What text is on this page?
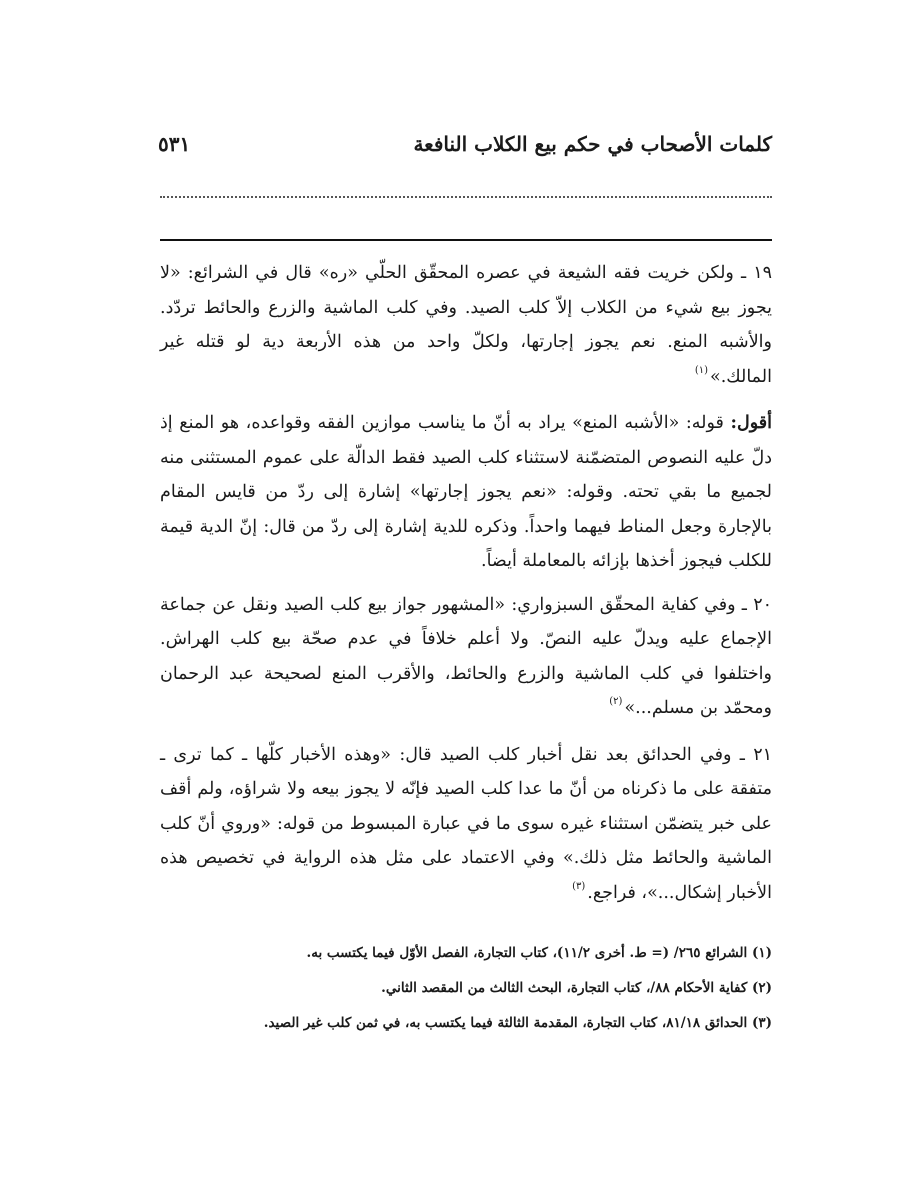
كلمات الأصحاب في حكم بيع الكلاب النافعة
٥٣١

١٩ ـ ولكن خريت فقه الشيعة في عصره المحقّق الحلّي «ره» قال في الشرائع: «لا يجوز بيع شي‌ء من الكلاب إلاّ كلب الصيد. وفي كلب الماشية والزرع والحائط تردّد. والأشبه المنع. نعم يجوز إجارتها، ولكلّ واحد من هذه الأربعة دية لو قتله غير المالك.»$^{(١)}$

أقول: قوله: «الأشبه المنع» يراد به أنّ ما يناسب موازين الفقه وقواعده، هو المنع إذ دلّ عليه النصوص المتضمّنة لاستثناء كلب الصيد فقط الدالّة على عموم المستثنى منه لجميع ما بقي تحته. وقوله: «نعم يجوز إجارتها» إشارة إلى ردّ من قايس المقام بالإجارة وجعل المناط فيهما واحداً. وذكره للدية إشارة إلى ردّ من قال: إنّ الدية قيمة للكلب فيجوز أخذها بإزائه بالمعاملة أيضاً.

٢٠ ـ وفي كفاية المحقّق السبزواري: «المشهور جواز بيع كلب الصيد ونقل عن جماعة الإجماع عليه ويدلّ عليه النصّ. ولا أعلم خلافاً في عدم صحّة بيع كلب الهراش. واختلفوا في كلب الماشية والزرع والحائط، والأقرب المنع لصحيحة عبد الرحمان ومحمّد بن مسلم...»$^{(٢)}$

٢١ ـ وفي الحدائق بعد نقل أخبار كلب الصيد قال: «وهذه الأخبار كلّها ـ كما ترى ـ متفقة على ما ذكرناه من أنّ ما عدا كلب الصيد فإنّه لا يجوز بيعه ولا شراؤه، ولم أقف على خبر يتضمّن استثناء غيره سوى ما في عبارة المبسوط من قوله: «وروي أنّ كلب الماشية والحائط مثل ذلك.» وفي الاعتماد على مثل هذه الرواية في تخصيص هذه الأخبار إشكال...»، فراجع.$^{(٣)}$

(١) الشرائع ٢٦٥/ (= ط. أخرى ١١/٢)، كتاب التجارة، الفصل الأوّل فيما يكتسب به.
(٢) كفاية الأحكام ٨٨/، كتاب التجارة، البحث الثالث من المقصد الثاني.
(٣) الحدائق ٨١/١٨، كتاب التجارة، المقدمة الثالثة فيما يكتسب به، في ثمن كلب غير الصيد.
